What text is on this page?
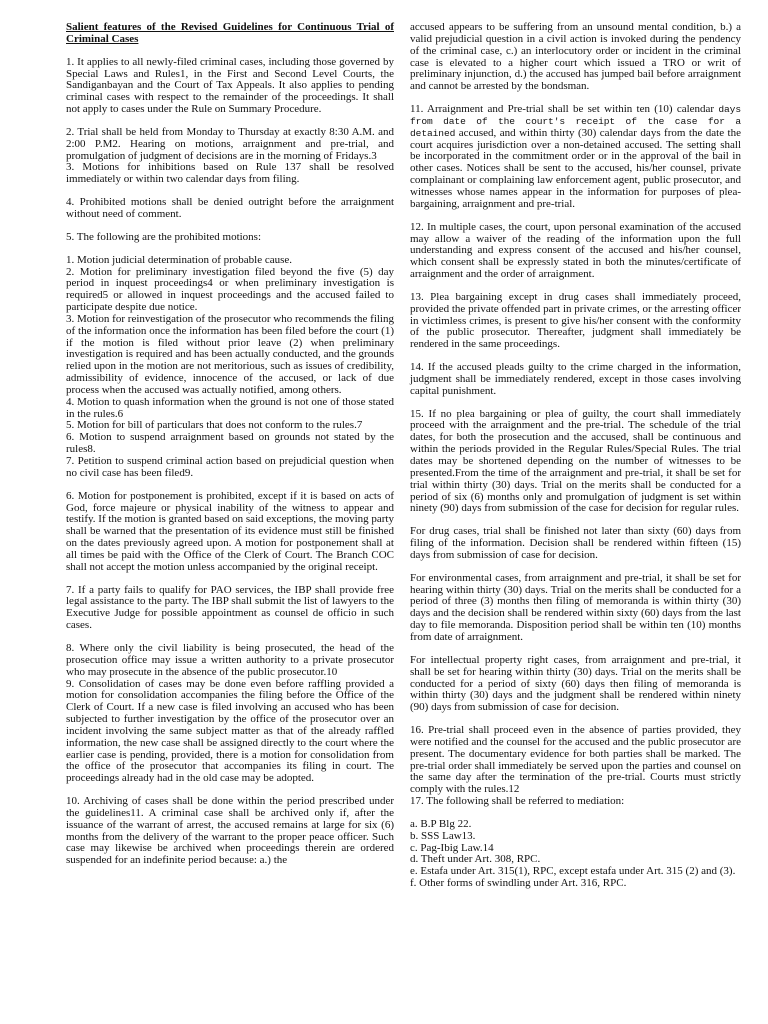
Salient features of the Revised Guidelines for Continuous Trial of Criminal Cases

1. It applies to all newly-filed criminal cases, including those governed by Special Laws and Rules1, in the First and Second Level Courts, the Sandiganbayan and the Court of Tax Appeals. It also applies to pending criminal cases with respect to the remainder of the proceedings. It shall not apply to cases under the Rule on Summary Procedure.

2. Trial shall be held from Monday to Thursday at exactly 8:30 A.M. and 2:00 P.M2. Hearing on motions, arraignment and pre-trial, and promulgation of judgment of decisions are in the morning of Fridays.3

3. Motions for inhibitions based on Rule 137 shall be resolved immediately or within two calendar days from filing.

4. Prohibited motions shall be denied outright before the arraignment without need of comment.

5. The following are the prohibited motions:

1. Motion judicial determination of probable cause.

2. Motion for preliminary investigation filed beyond the five (5) day period in inquest proceedings4 or when preliminary investigation is required5 or allowed in inquest proceedings and the accused failed to participate despite due notice.

3. Motion for reinvestigation of the prosecutor who recommends the filing of the information once the information has been filed before the court (1) if the motion is filed without prior leave (2) when preliminary investigation is required and has been actually conducted, and the grounds relied upon in the motion are not meritorious, such as issues of credibility, admissibility of evidence, innocence of the accused, or lack of due process when the accused was actually notified, among others.

4. Motion to quash information when the ground is not one of those stated in the rules.6

5. Motion for bill of particulars that does not conform to the rules.7

6. Motion to suspend arraignment based on grounds not stated by the rules8.

7. Petition to suspend criminal action based on prejudicial question when no civil case has been filed9.

6. Motion for postponement is prohibited, except if it is based on acts of God, force majeure or physical inability of the witness to appear and testify. If the motion is granted based on said exceptions, the moving party shall be warned that the presentation of its evidence must still be finished on the dates previously agreed upon. A motion for postponement shall at all times be paid with the Office of the Clerk of Court. The Branch COC shall not accept the motion unless accompanied by the original receipt.

7. If a party fails to qualify for PAO services, the IBP shall provide free legal assistance to the party. The IBP shall submit the list of lawyers to the Executive Judge for possible appointment as counsel de officio in such cases.

8. Where only the civil liability is being prosecuted, the head of the prosecution office may issue a written authority to a private prosecutor who may prosecute in the absence of the public prosecutor.10

9. Consolidation of cases may be done even before raffling provided a motion for consolidation accompanies the filing before the Office of the Clerk of Court. If a new case is filed involving an accused who has been subjected to further investigation by the office of the prosecutor over an incident involving the same subject matter as that of the already raffled information, the new case shall be assigned directly to the court where the earlier case is pending, provided, there is a motion for consolidation from the office of the prosecutor that accompanies its filing in court. The proceedings already had in the old case may be adopted.

10. Archiving of cases shall be done within the period prescribed under the guidelines11. A criminal case shall be archived only if, after the issuance of the warrant of arrest, the accused remains at large for six (6) months from the delivery of the warrant to the proper peace officer. Such case may likewise be archived when proceedings therein are ordered suspended for an indefinite period because: a.) the

accused appears to be suffering from an unsound mental condition, b.) a valid prejudicial question in a civil action is invoked during the pendency of the criminal case, c.) an interlocutory order or incident in the criminal case is elevated to a higher court which issued a TRO or writ of preliminary injunction, d.) the accused has jumped bail before arraignment and cannot be arrested by the bondsman.

11. Arraignment and Pre-trial shall be set within ten (10) calendar days from date of the court's receipt of the case for a detained accused, and within thirty (30) calendar days from the date the court acquires jurisdiction over a non-detained accused. The setting shall be incorporated in the commitment order or in the approval of the bail in other cases. Notices shall be sent to the accused, his/her counsel, private complainant or complaining law enforcement agent, public prosecutor, and witnesses whose names appear in the information for purposes of plea-bargaining, arraignment and pre-trial.

12. In multiple cases, the court, upon personal examination of the accused may allow a waiver of the reading of the information upon the full understanding and express consent of the accused and his/her counsel, which consent shall be expressly stated in both the minutes/certificate of arraignment and the order of arraignment.

13. Plea bargaining except in drug cases shall immediately proceed, provided the private offended part in private crimes, or the arresting officer in victimless crimes, is present to give his/her consent with the conformity of the public prosecutor. Thereafter, judgment shall immediately be rendered in the same proceedings.

14. If the accused pleads guilty to the crime charged in the information, judgment shall be immediately rendered, except in those cases involving capital punishment.

15. If no plea bargaining or plea of guilty, the court shall immediately proceed with the arraignment and the pre-trial. The schedule of the trial dates, for both the prosecution and the accused, shall be continuous and within the periods provided in the Regular Rules/Special Rules. The trial dates may be shortened depending on the number of witnesses to be presented.From the time of the arraignment and pre-trial, it shall be set for trial within thirty (30) days. Trial on the merits shall be conducted for a period of six (6) months only and promulgation of judgment is set within ninety (90) days from submission of the case for decision for regular rules.

For drug cases, trial shall be finished not later than sixty (60) days from filing of the information. Decision shall be rendered within fifteen (15) days from submission of case for decision.

For environmental cases, from arraignment and pre-trial, it shall be set for hearing within thirty (30) days. Trial on the merits shall be conducted for a period of three (3) months then filing of memoranda is within thirty (30) days and the decision shall be rendered within sixty (60) days from the last day to file memoranda. Disposition period shall be within ten (10) months from date of arraignment.

For intellectual property right cases, from arraignment and pre-trial, it shall be set for hearing within thirty (30) days. Trial on the merits shall be conducted for a period of sixty (60) days then filing of memoranda is within thirty (30) days and the judgment shall be rendered within ninety (90) days from submission of case for decision.

16. Pre-trial shall proceed even in the absence of parties provided, they were notified and the counsel for the accused and the public prosecutor are present. The documentary evidence for both parties shall be marked. The pre-trial order shall immediately be served upon the parties and counsel on the same day after the termination of the pre-trial. Courts must strictly comply with the rules.12

17. The following shall be referred to mediation:

a. B.P Blg 22.

b. SSS Law13.

c. Pag-Ibig Law.14

d. Theft under Art. 308, RPC.

e. Estafa under Art. 315(1), RPC, except estafa under Art. 315 (2) and (3).

f. Other forms of swindling under Art. 316, RPC.
